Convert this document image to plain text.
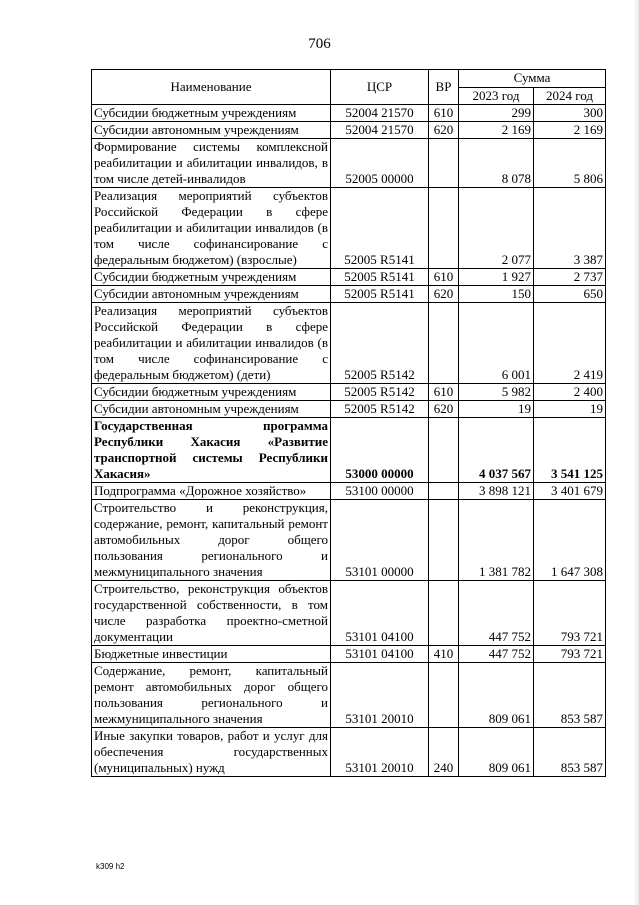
706
Наименование	ЦСР	ВР	Сумма	
			2023 год	2024 год
Субсидии бюджетным учреждениям	52004 21570	610	299	300
Субсидии автономным учреждениям	52004 21570	620	2 169	2 169
Формирование системы комплексной реабилитации и абилитации инвалидов, в том числе детей-инвалидов	52005 00000		8 078	5 806
Реализация мероприятий субъектов Российской Федерации в сфере реабилитации и абилитации инвалидов (в том числе софинансирование с федеральным бюджетом) (взрослые)	52005 R5141		2 077	3 387
Субсидии бюджетным учреждениям	52005 R5141	610	1 927	2 737
Субсидии автономным учреждениям	52005 R5141	620	150	650
Реализация мероприятий субъектов Российской Федерации в сфере реабилитации и абилитации инвалидов (в том числе софинансирование с федеральным бюджетом) (дети)	52005 R5142		6 001	2 419
Субсидии бюджетным учреждениям	52005 R5142	610	5 982	2 400
Субсидии автономным учреждениям	52005 R5142	620	19	19
Государственная программа Республики Хакасия «Развитие транспортной системы Республики Хакасия»	53000 00000		4 037 567	3 541 125
Подпрограмма «Дорожное хозяйство»	53100 00000		3 898 121	3 401 679
Строительство и реконструкция, содержание, ремонт, капитальный ремонт автомобильных дорог общего пользования регионального и межмуниципального значения	53101 00000		1 381 782	1 647 308
Строительство, реконструкция объектов государственной собственности, в том числе разработка проектно-сметной документации	53101 04100		447 752	793 721
Бюджетные инвестиции	53101 04100	410	447 752	793 721
Содержание, ремонт, капитальный ремонт автомобильных дорог общего пользования регионального и межмуниципального значения	53101 20010		809 061	853 587
Иные закупки товаров, работ и услуг для обеспечения государственных (муниципальных) нужд	53101 20010	240	809 061	853 587
k309 h2
